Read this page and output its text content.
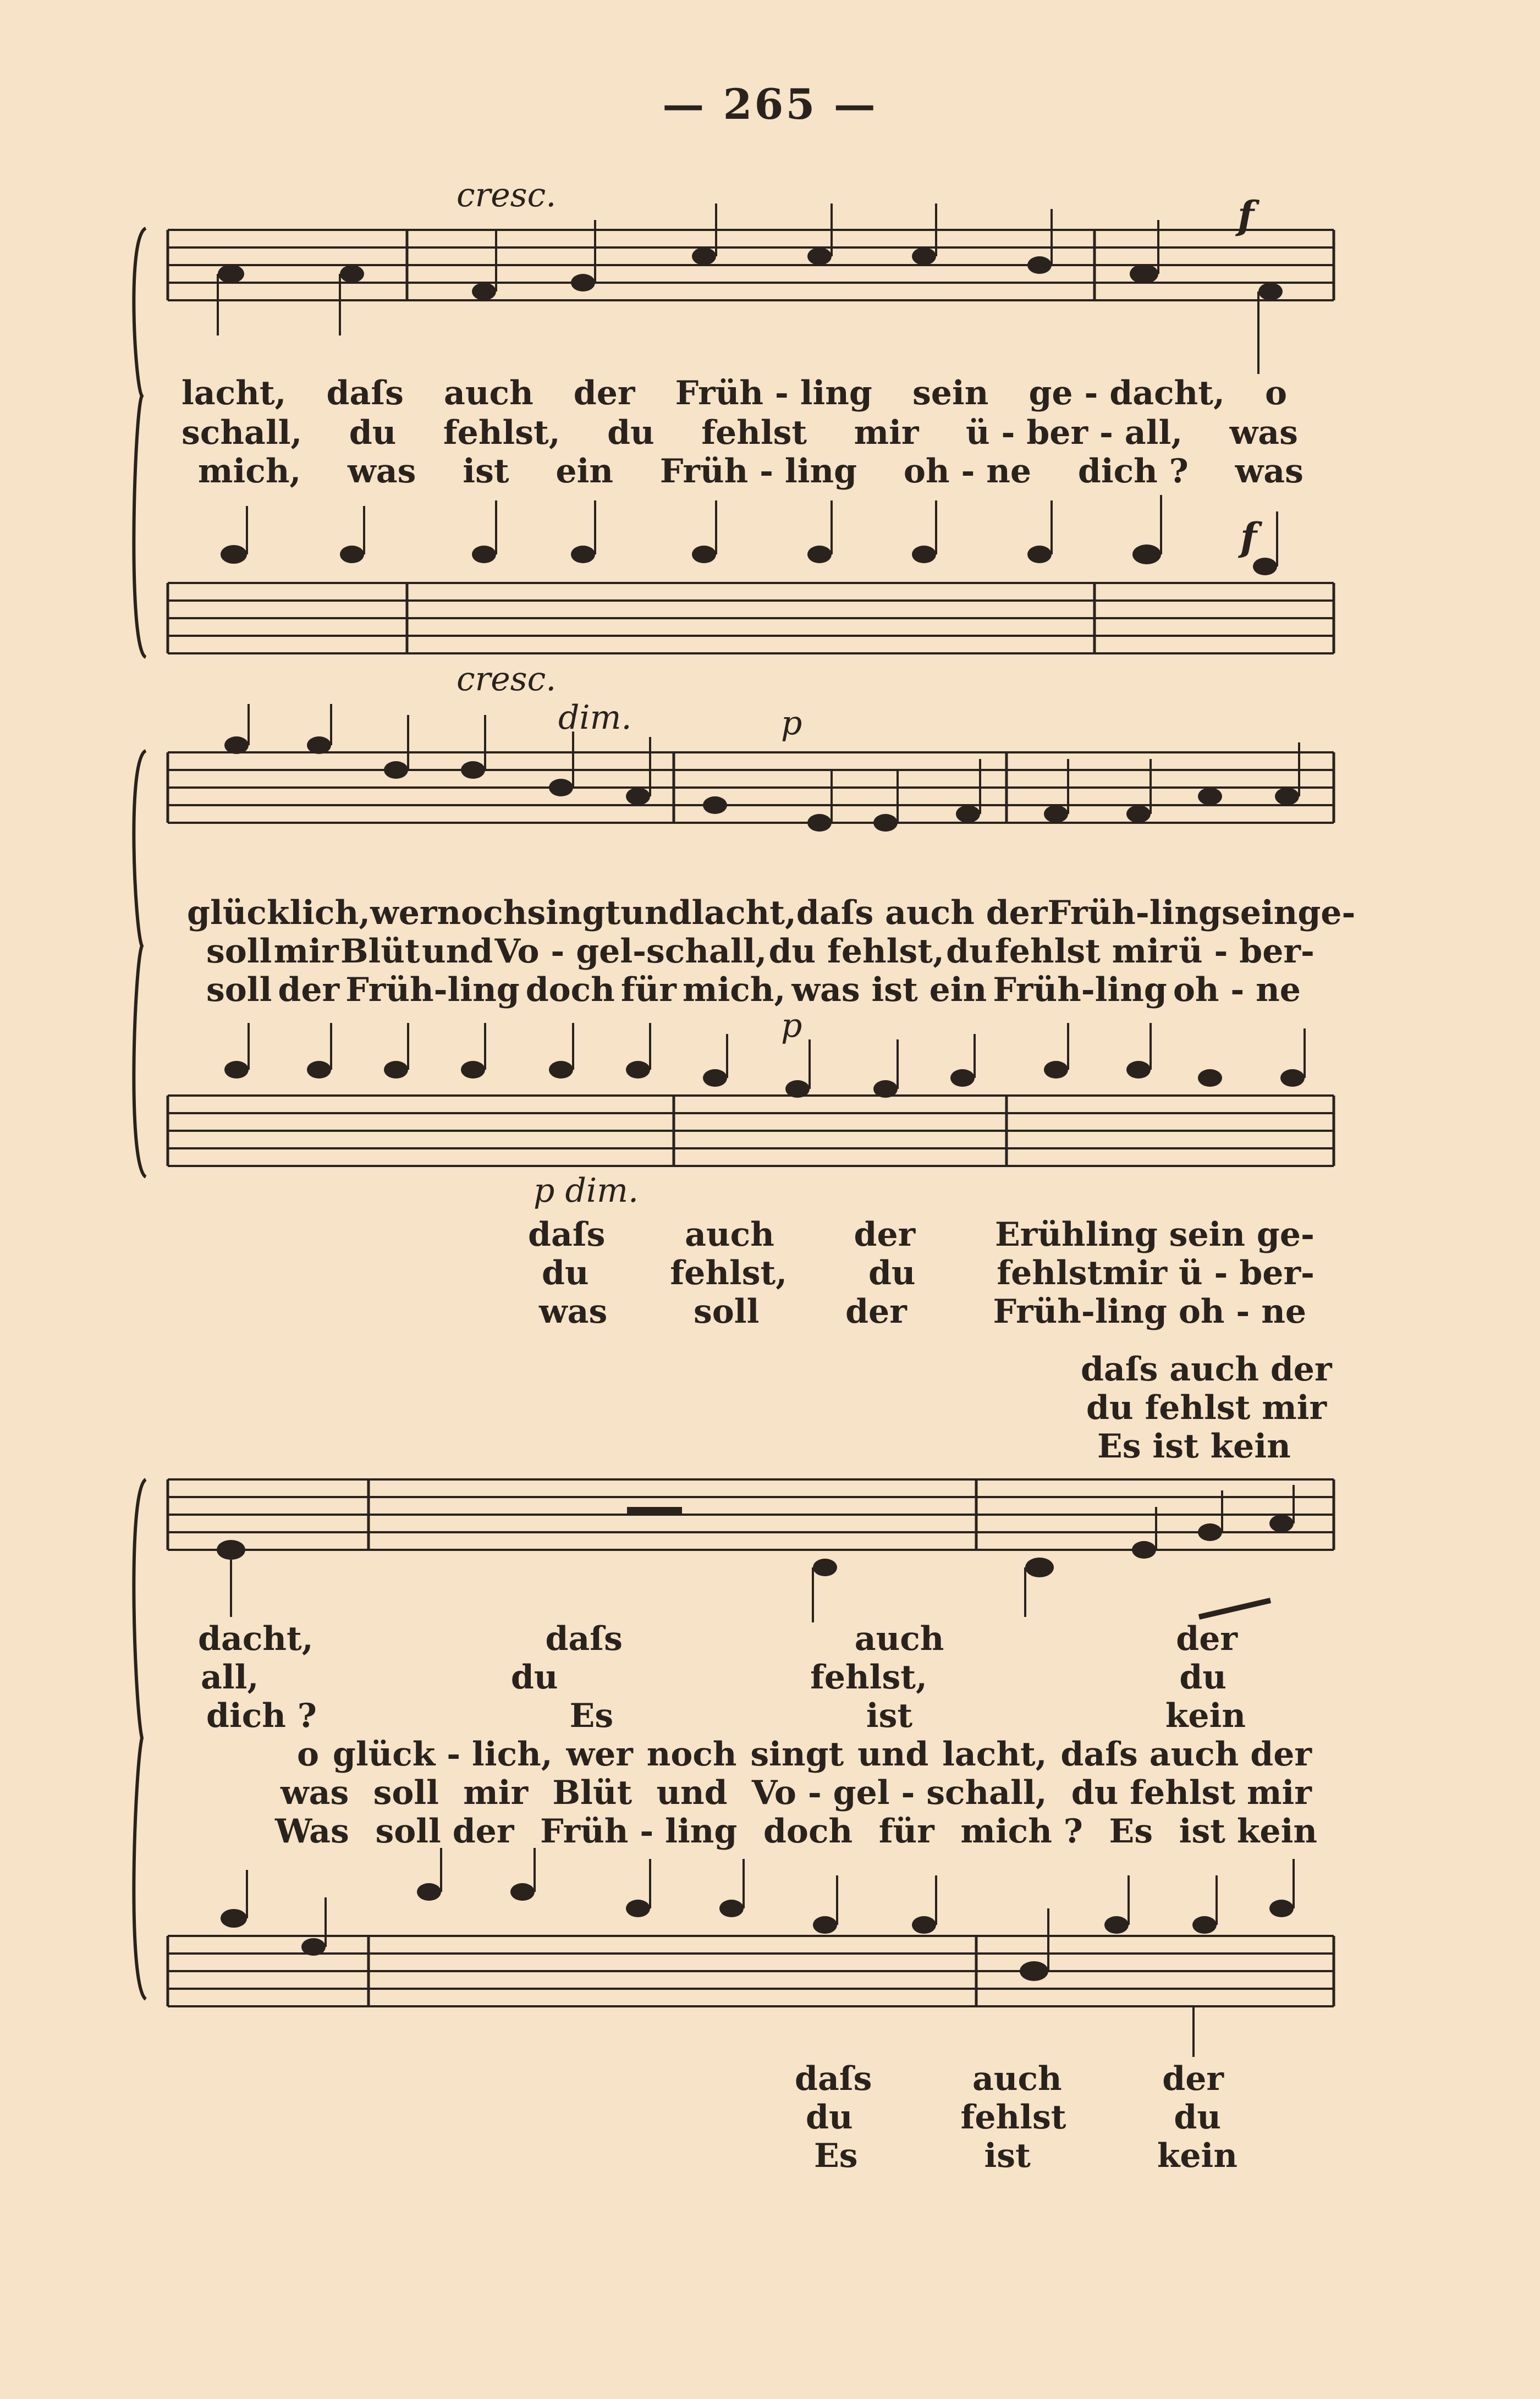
— 265 —
cresc.	f
f
lacht, daſs auch der Früh - ling sein ge - dacht, o
schall, du fehlst, du fehlst mir ü - ber - all, was
mich, was ist ein Früh - ling oh - ne dich ? was
cresc.
dim.	p
p
p dim.
glücklich, wer noch singt und lacht, daſs auch der Früh-ling sein ge-
soll mir Blüt und Vo - gel-schall, du fehlst, du fehlst mir ü - ber-
soll der Früh-ling doch für mich, was ist ein Früh-ling oh - ne
daſs auch der Erühling sein ge-
du fehlst, du fehlstmir ü - ber-
was	soll	der	Früh-ling oh - ne
daſs auch der
du fehlst mir
Es ist kein
dacht,	daſs	auch	der
all,	du	fehlst,	du
dich ?	Es	ist	kein
o glück - lich, wer noch singt und lacht, daſs auch der
was soll mir Blüt und Vo - gel - schall, du fehlst mir
Was soll der Früh - ling doch für mich ? Es ist kein
daſs	auch	der
du	fehlst	du
Es	ist	kein
